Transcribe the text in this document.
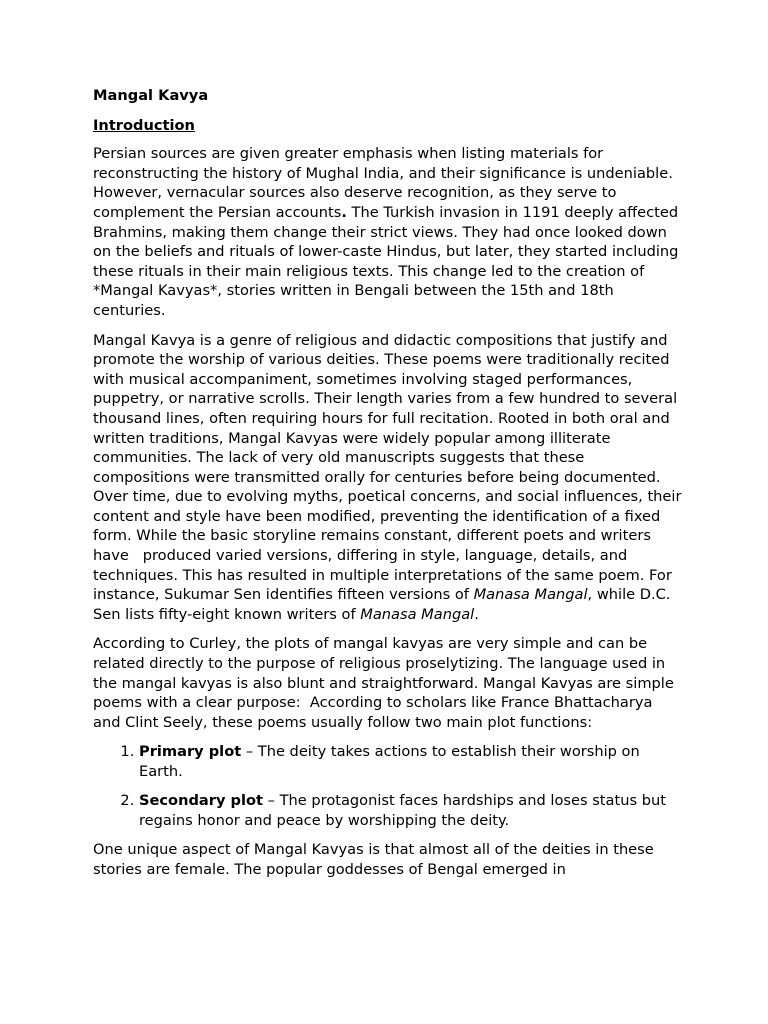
Mangal Kavya
Introduction

Persian sources are given greater emphasis when listing materials for reconstructing the history of Mughal India, and their significance is undeniable. However, vernacular sources also deserve recognition, as they serve to complement the Persian accounts. The Turkish invasion in 1191 deeply affected Brahmins, making them change their strict views. They had once looked down on the beliefs and rituals of lower-caste Hindus, but later, they started including these rituals in their main religious texts. This change led to the creation of *Mangal Kavyas*, stories written in Bengali between the 15th and 18th centuries.

Mangal Kavya is a genre of religious and didactic compositions that justify and promote the worship of various deities. These poems were traditionally recited with musical accompaniment, sometimes involving staged performances, puppetry, or narrative scrolls. Their length varies from a few hundred to several thousand lines, often requiring hours for full recitation. Rooted in both oral and written traditions, Mangal Kavyas were widely popular among illiterate communities. The lack of very old manuscripts suggests that these compositions were transmitted orally for centuries before being documented. Over time, due to evolving myths, poetical concerns, and social influences, their content and style have been modified, preventing the identification of a fixed form. While the basic storyline remains constant, different poets and writers have   produced varied versions, differing in style, language, details, and techniques. This has resulted in multiple interpretations of the same poem. For instance, Sukumar Sen identifies fifteen versions of Manasa Mangal, while D.C. Sen lists fifty-eight known writers of Manasa Mangal.

According to Curley, the plots of mangal kavyas are very simple and can be related directly to the purpose of religious proselytizing. The language used in the mangal kavyas is also blunt and straightforward. Mangal Kavyas are simple poems with a clear purpose:  According to scholars like France Bhattacharya and Clint Seely, these poems usually follow two main plot functions:

1. Primary plot – The deity takes actions to establish their worship on Earth.
2. Secondary plot – The protagonist faces hardships and loses status but regains honor and peace by worshipping the deity.

One unique aspect of Mangal Kavyas is that almost all of the deities in these stories are female. The popular goddesses of Bengal emerged in
